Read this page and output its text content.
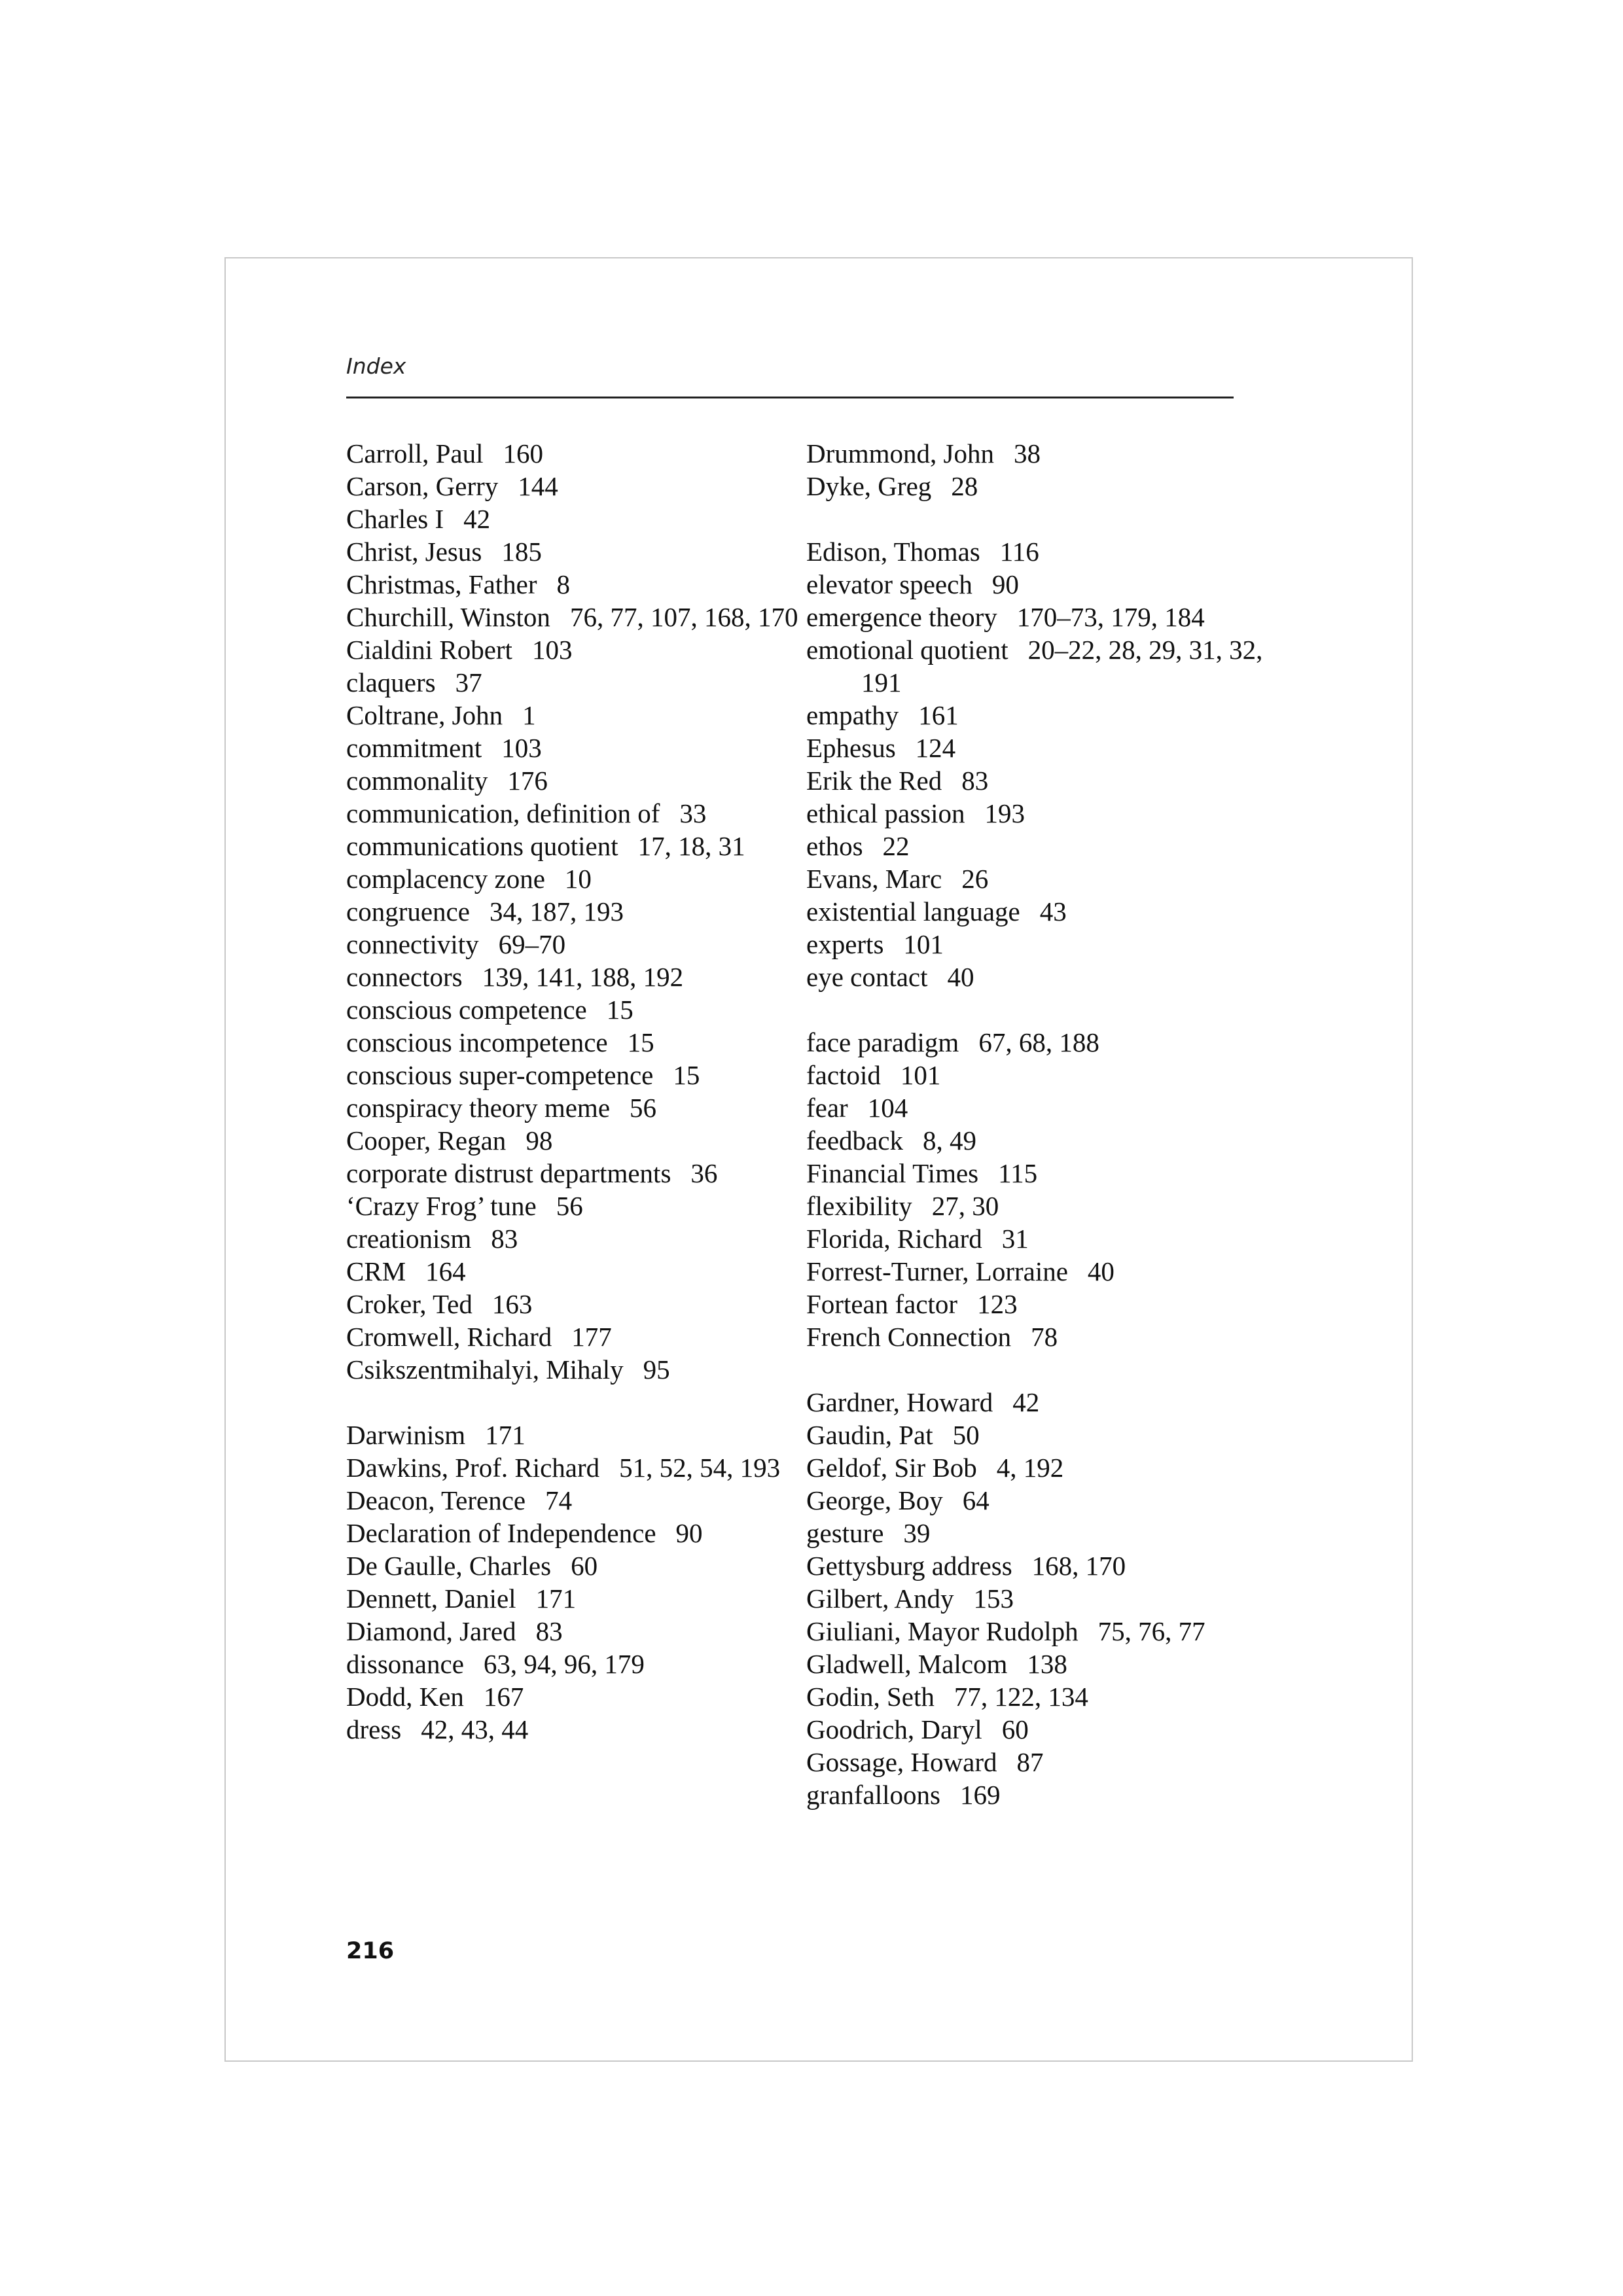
Index
Carroll, Paul 160
Carson, Gerry 144
Charles I 42
Christ, Jesus 185
Christmas, Father 8
Churchill, Winston 76, 77, 107, 168, 170
Cialdini Robert 103
claquers 37
Coltrane, John 1
commitment 103
commonality 176
communication, definition of 33
communications quotient 17, 18, 31
complacency zone 10
congruence 34, 187, 193
connectivity 69–70
connectors 139, 141, 188, 192
conscious competence 15
conscious incompetence 15
conscious super-competence 15
conspiracy theory meme 56
Cooper, Regan 98
corporate distrust departments 36
‘Crazy Frog’ tune 56
creationism 83
CRM 164
Croker, Ted 163
Cromwell, Richard 177
Csikszentmihalyi, Mihaly 95
Darwinism 171
Dawkins, Prof. Richard 51, 52, 54, 193
Deacon, Terence 74
Declaration of Independence 90
De Gaulle, Charles 60
Dennett, Daniel 171
Diamond, Jared 83
dissonance 63, 94, 96, 179
Dodd, Ken 167
dress 42, 43, 44
Drummond, John 38
Dyke, Greg 28
Edison, Thomas 116
elevator speech 90
emergence theory 170–73, 179, 184
emotional quotient 20–22, 28, 29, 31, 32, 191
empathy 161
Ephesus 124
Erik the Red 83
ethical passion 193
ethos 22
Evans, Marc 26
existential language 43
experts 101
eye contact 40
face paradigm 67, 68, 188
factoid 101
fear 104
feedback 8, 49
Financial Times 115
flexibility 27, 30
Florida, Richard 31
Forrest-Turner, Lorraine 40
Fortean factor 123
French Connection 78
Gardner, Howard 42
Gaudin, Pat 50
Geldof, Sir Bob 4, 192
George, Boy 64
gesture 39
Gettysburg address 168, 170
Gilbert, Andy 153
Giuliani, Mayor Rudolph 75, 76, 77
Gladwell, Malcom 138
Godin, Seth 77, 122, 134
Goodrich, Daryl 60
Gossage, Howard 87
granfalloons 169
216
